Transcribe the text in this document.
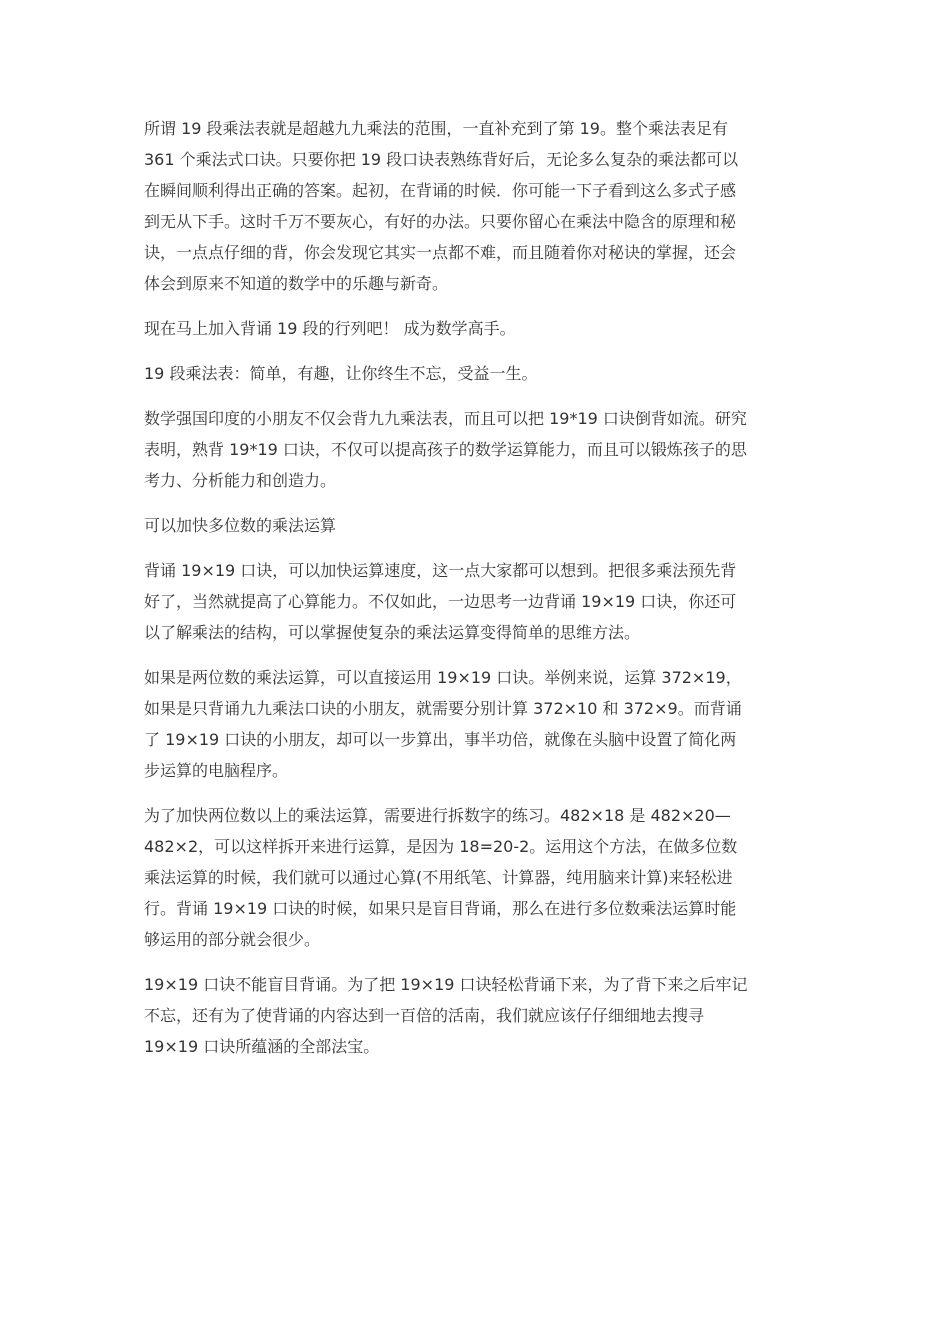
所谓 19 段乘法表就是超越九九乘法的范围，一直补充到了第 19。整个乘法表足有
361 个乘法式口诀。只要你把 19 段口诀表熟练背好后，无论多么复杂的乘法都可以
在瞬间顺利得出正确的答案。起初，在背诵的时候．你可能一下子看到这么多式子感
到无从下手。这时千万不要灰心，有好的办法。只要你留心在乘法中隐含的原理和秘
诀，一点点仔细的背，你会发现它其实一点都不难，而且随着你对秘诀的掌握，还会
体会到原来不知道的数学中的乐趣与新奇。
现在马上加入背诵 19 段的行列吧！ 成为数学高手。
19 段乘法表：简单，有趣，让你终生不忘，受益一生。
数学强国印度的小朋友不仅会背九九乘法表，而且可以把 19*19 口诀倒背如流。研究
表明，熟背 19*19 口诀，不仅可以提高孩子的数学运算能力，而且可以锻炼孩子的思
考力、分析能力和创造力。
可以加快多位数的乘法运算
背诵 19×19 口诀，可以加快运算速度，这一点大家都可以想到。把很多乘法预先背
好了，当然就提高了心算能力。不仅如此，一边思考一边背诵 19×19 口诀，你还可
以了解乘法的结构，可以掌握使复杂的乘法运算变得简单的思维方法。
如果是两位数的乘法运算，可以直接运用 19×19 口诀。举例来说，运算 372×19，
如果是只背诵九九乘法口诀的小朋友，就需要分别计算 372×10 和 372×9。而背诵
了 19×19 口诀的小朋友，却可以一步算出，事半功倍，就像在头脑中设置了简化两
步运算的电脑程序。
为了加快两位数以上的乘法运算，需要进行拆数字的练习。482×18 是 482×20—
482×2，可以这样拆开来进行运算，是因为 18=20-2。运用这个方法，在做多位数
乘法运算的时候，我们就可以通过心算(不用纸笔、计算器，纯用脑来计算)来轻松进
行。背诵 19×19 口诀的时候，如果只是盲目背诵，那么在进行多位数乘法运算时能
够运用的部分就会很少。
19×19 口诀不能盲目背诵。为了把 19×19 口诀轻松背诵下来，为了背下来之后牢记
不忘，还有为了使背诵的内容达到一百倍的活南，我们就应该仔仔细细地去搜寻
19×19 口诀所蕴涵的全部法宝。
